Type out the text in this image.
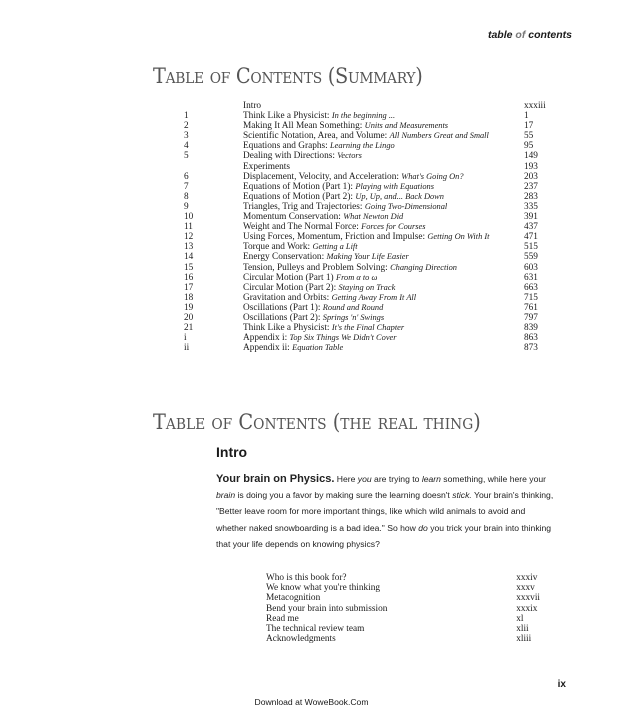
table of contents
Table of Contents (Summary)
	Intro	xxxiii
1	Think Like a Physicist: In the beginning ...	1
2	Making It All Mean Something: Units and Measurements	17
3	Scientific Notation, Area, and Volume: All Numbers Great and Small	55
4	Equations and Graphs: Learning the Lingo	95
5	Dealing with Directions: Vectors	149
	Experiments	193
6	Displacement, Velocity, and Acceleration: What's Going On?	203
7	Equations of Motion (Part 1): Playing with Equations	237
8	Equations of Motion (Part 2): Up, Up, and... Back Down	283
9	Triangles, Trig and Trajectories: Going Two-Dimensional	335
10	Momentum Conservation: What Newton Did	391
11	Weight and The Normal Force: Forces for Courses	437
12	Using Forces, Momentum, Friction and Impulse: Getting On With It	471
13	Torque and Work: Getting a Lift	515
14	Energy Conservation: Making Your Life Easier	559
15	Tension, Pulleys and Problem Solving: Changing Direction	603
16	Circular Motion (Part 1) From α to ω	631
17	Circular Motion (Part 2): Staying on Track	663
18	Gravitation and Orbits: Getting Away From It All	715
19	Oscillations (Part 1): Round and Round	761
20	Oscillations (Part 2): Springs 'n' Swings	797
21	Think Like a Physicist: It's the Final Chapter	839
i	Appendix i: Top Six Things We Didn't Cover	863
ii	Appendix ii: Equation Table	873
Table of Contents (the real thing)
Intro

Your brain on Physics. Here you are trying to learn something, while here your brain is doing you a favor by making sure the learning doesn't stick. Your brain's thinking, "Better leave room for more important things, like which wild animals to avoid and whether naked snowboarding is a bad idea." So how do you trick your brain into thinking that your life depends on knowing physics?

Who is this book for?	xxxiv
We know what you're thinking	xxxv
Metacognition	xxxvii
Bend your brain into submission	xxxix
Read me	xl
The technical review team	xlii
Acknowledgments	xliii
ix
Download at WoweBook.Com
